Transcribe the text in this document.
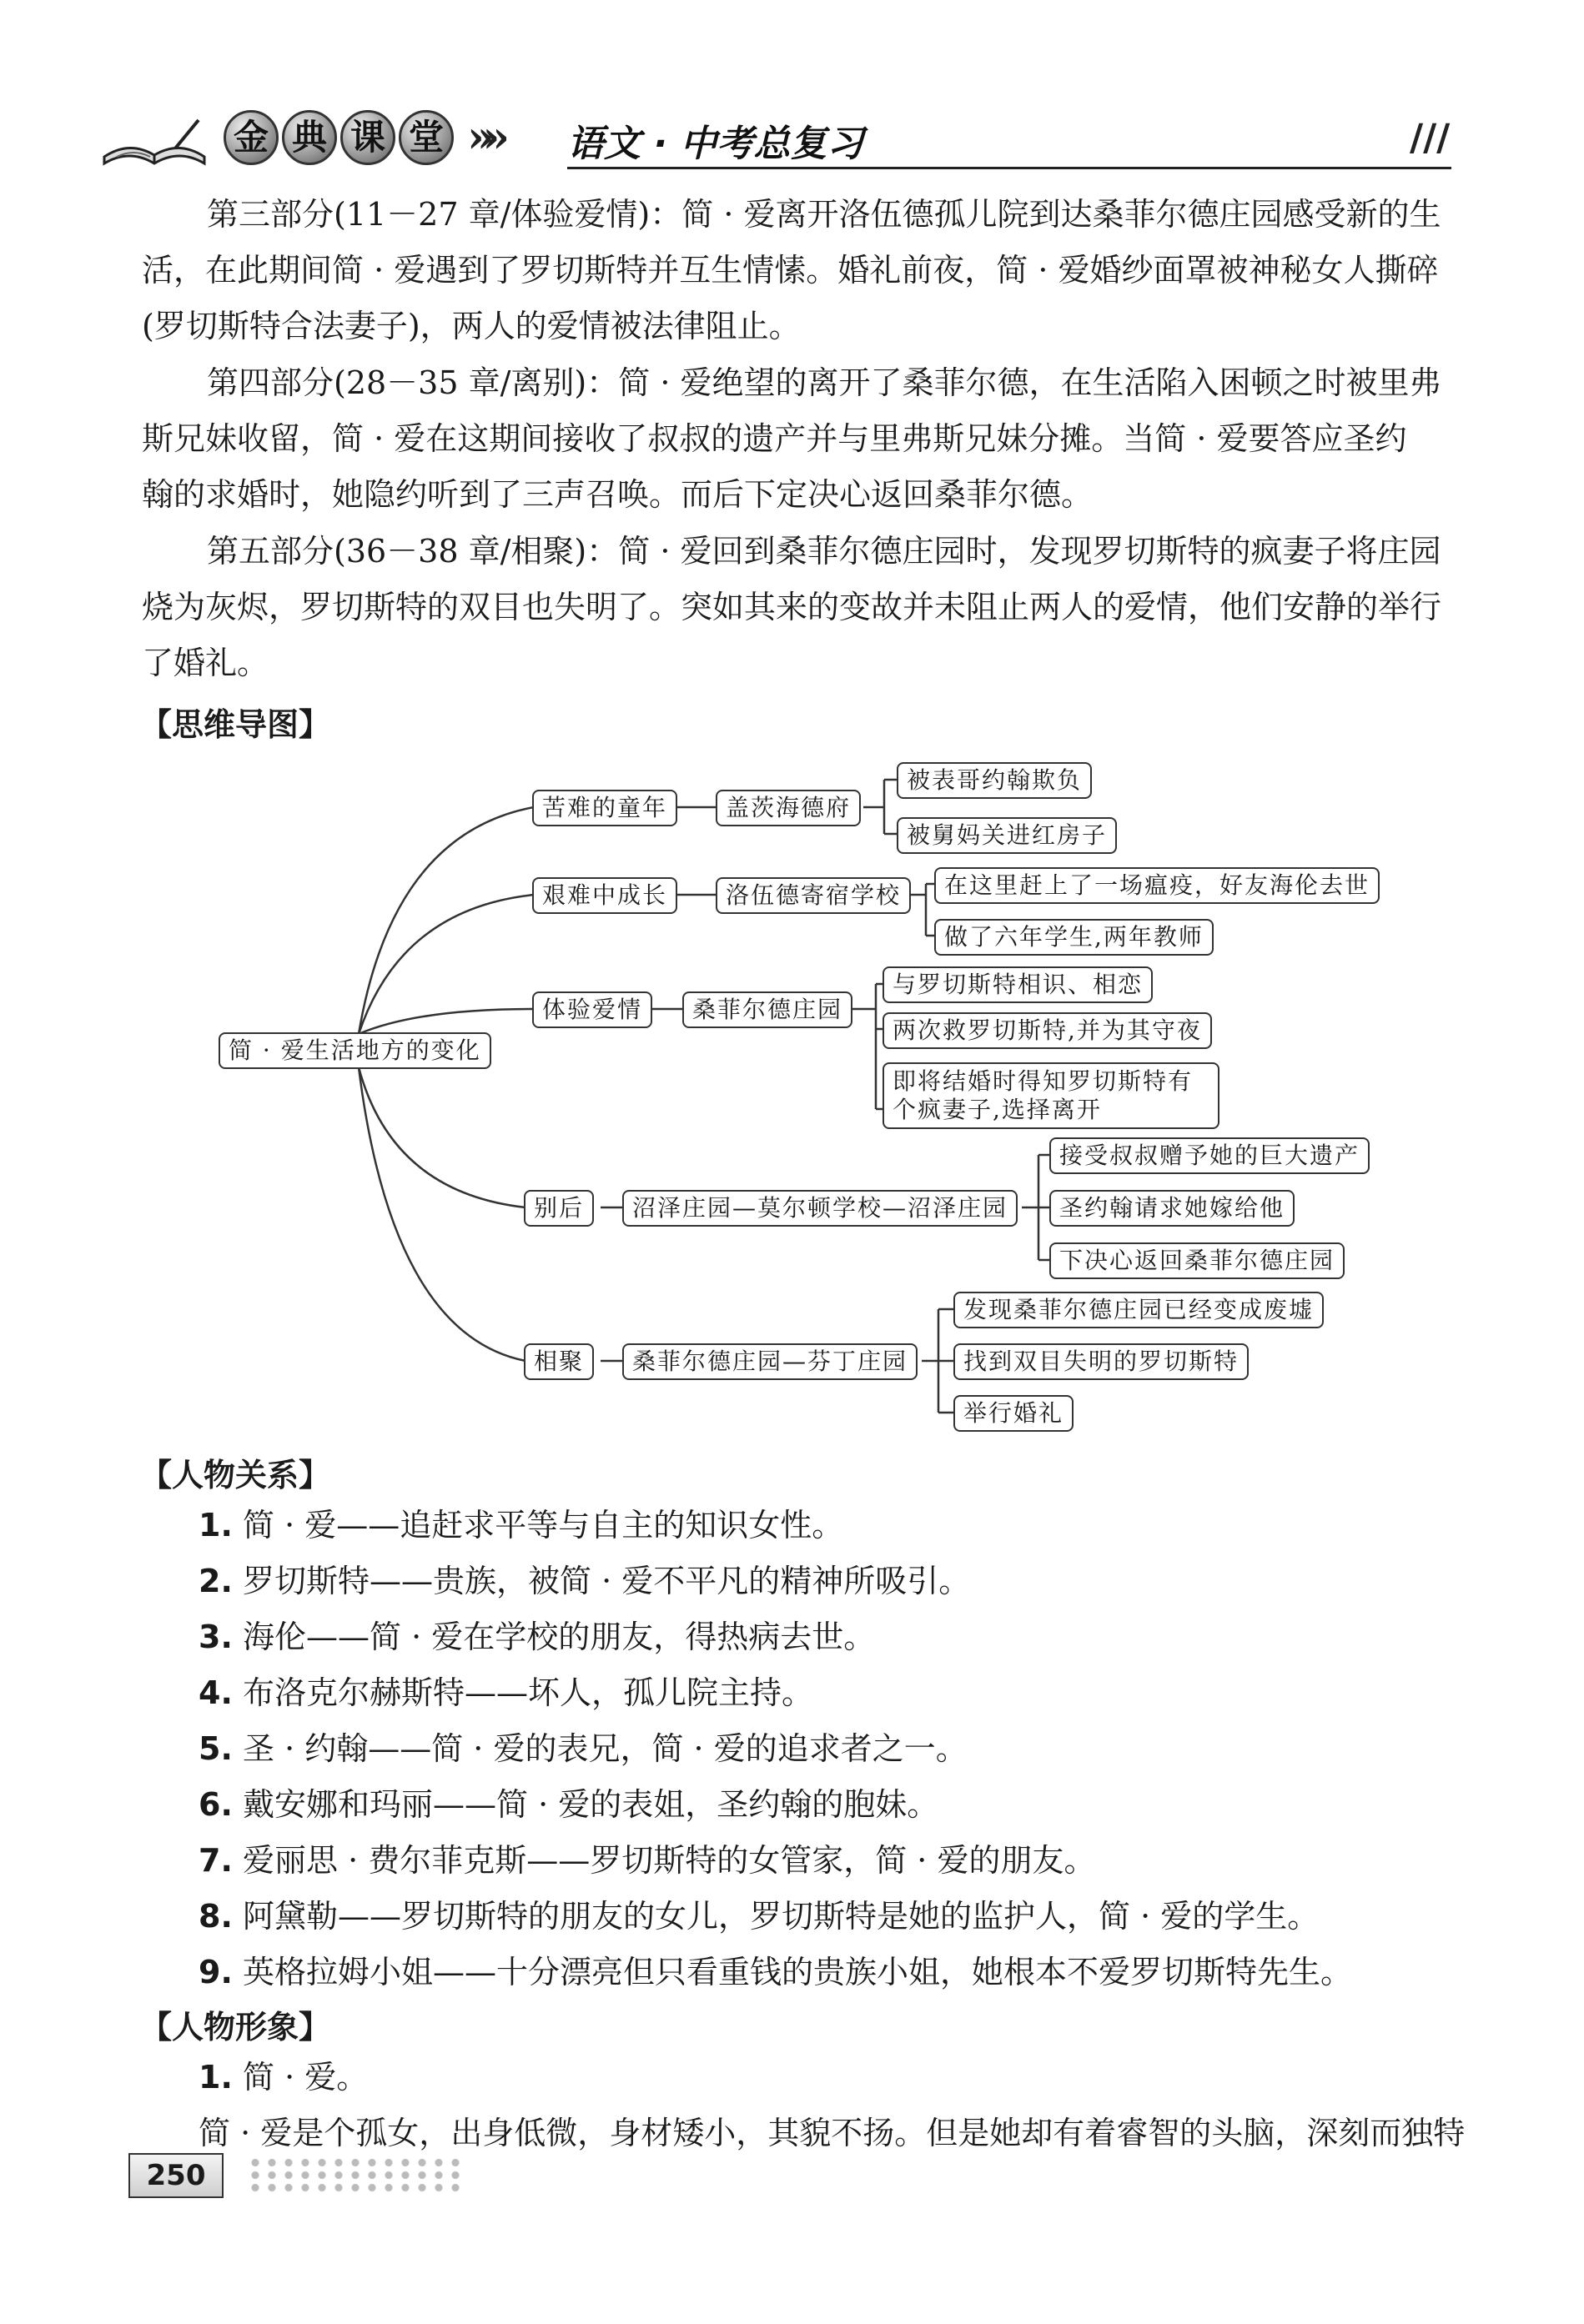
金 典 课 堂 »» 语文 · 中考总复习	///
第三部分(11－27 章/体验爱情)：简 · 爱离开洛伍德孤儿院到达桑菲尔德庄园感受新的生
活，在此期间简 · 爱遇到了罗切斯特并互生情愫。婚礼前夜，简 · 爱婚纱面罩被神秘女人撕碎
(罗切斯特合法妻子)，两人的爱情被法律阻止。
第四部分(28－35 章/离别)：简 · 爱绝望的离开了桑菲尔德，在生活陷入困顿之时被里弗
斯兄妹收留，简 · 爱在这期间接收了叔叔的遗产并与里弗斯兄妹分摊。当简 · 爱要答应圣约
翰的求婚时，她隐约听到了三声召唤。而后下定决心返回桑菲尔德。
第五部分(36－38 章/相聚)：简 · 爱回到桑菲尔德庄园时，发现罗切斯特的疯妻子将庄园
烧为灰烬，罗切斯特的双目也失明了。突如其来的变故并未阻止两人的爱情，他们安静的举行
了婚礼。
【思维导图】
简 · 爱生活地方的变化
苦难的童年	盖茨海德府
被表哥约翰欺负
被舅妈关进红房子
艰难中成长	洛伍德寄宿学校	在这里赶上了一场瘟疫，好友海伦去世
做了六年学生,两年教师
体验爱情	桑菲尔德庄园
与罗切斯特相识、相恋
两次救罗切斯特,并为其守夜
即将结婚时得知罗切斯特有个疯妻子,选择离开
别后	沼泽庄园—莫尔顿学校—沼泽庄园
接受叔叔赠予她的巨大遗产
圣约翰请求她嫁给他
下决心返回桑菲尔德庄园
相聚	桑菲尔德庄园—芬丁庄园
发现桑菲尔德庄园已经变成废墟
找到双目失明的罗切斯特
举行婚礼
【人物关系】
1. 简 · 爱——追赶求平等与自主的知识女性。
2. 罗切斯特——贵族，被简 · 爱不平凡的精神所吸引。
3. 海伦——简 · 爱在学校的朋友，得热病去世。
4. 布洛克尔赫斯特——坏人，孤儿院主持。
5. 圣 · 约翰——简 · 爱的表兄，简 · 爱的追求者之一。
6. 戴安娜和玛丽——简 · 爱的表姐，圣约翰的胞妹。
7. 爱丽思 · 费尔菲克斯——罗切斯特的女管家，简 · 爱的朋友。
8. 阿黛勒——罗切斯特的朋友的女儿，罗切斯特是她的监护人，简 · 爱的学生。
9. 英格拉姆小姐——十分漂亮但只看重钱的贵族小姐，她根本不爱罗切斯特先生。
【人物形象】
1. 简 · 爱。
简 · 爱是个孤女，出身低微，身材矮小，其貌不扬。但是她却有着睿智的头脑，深刻而独特
250
